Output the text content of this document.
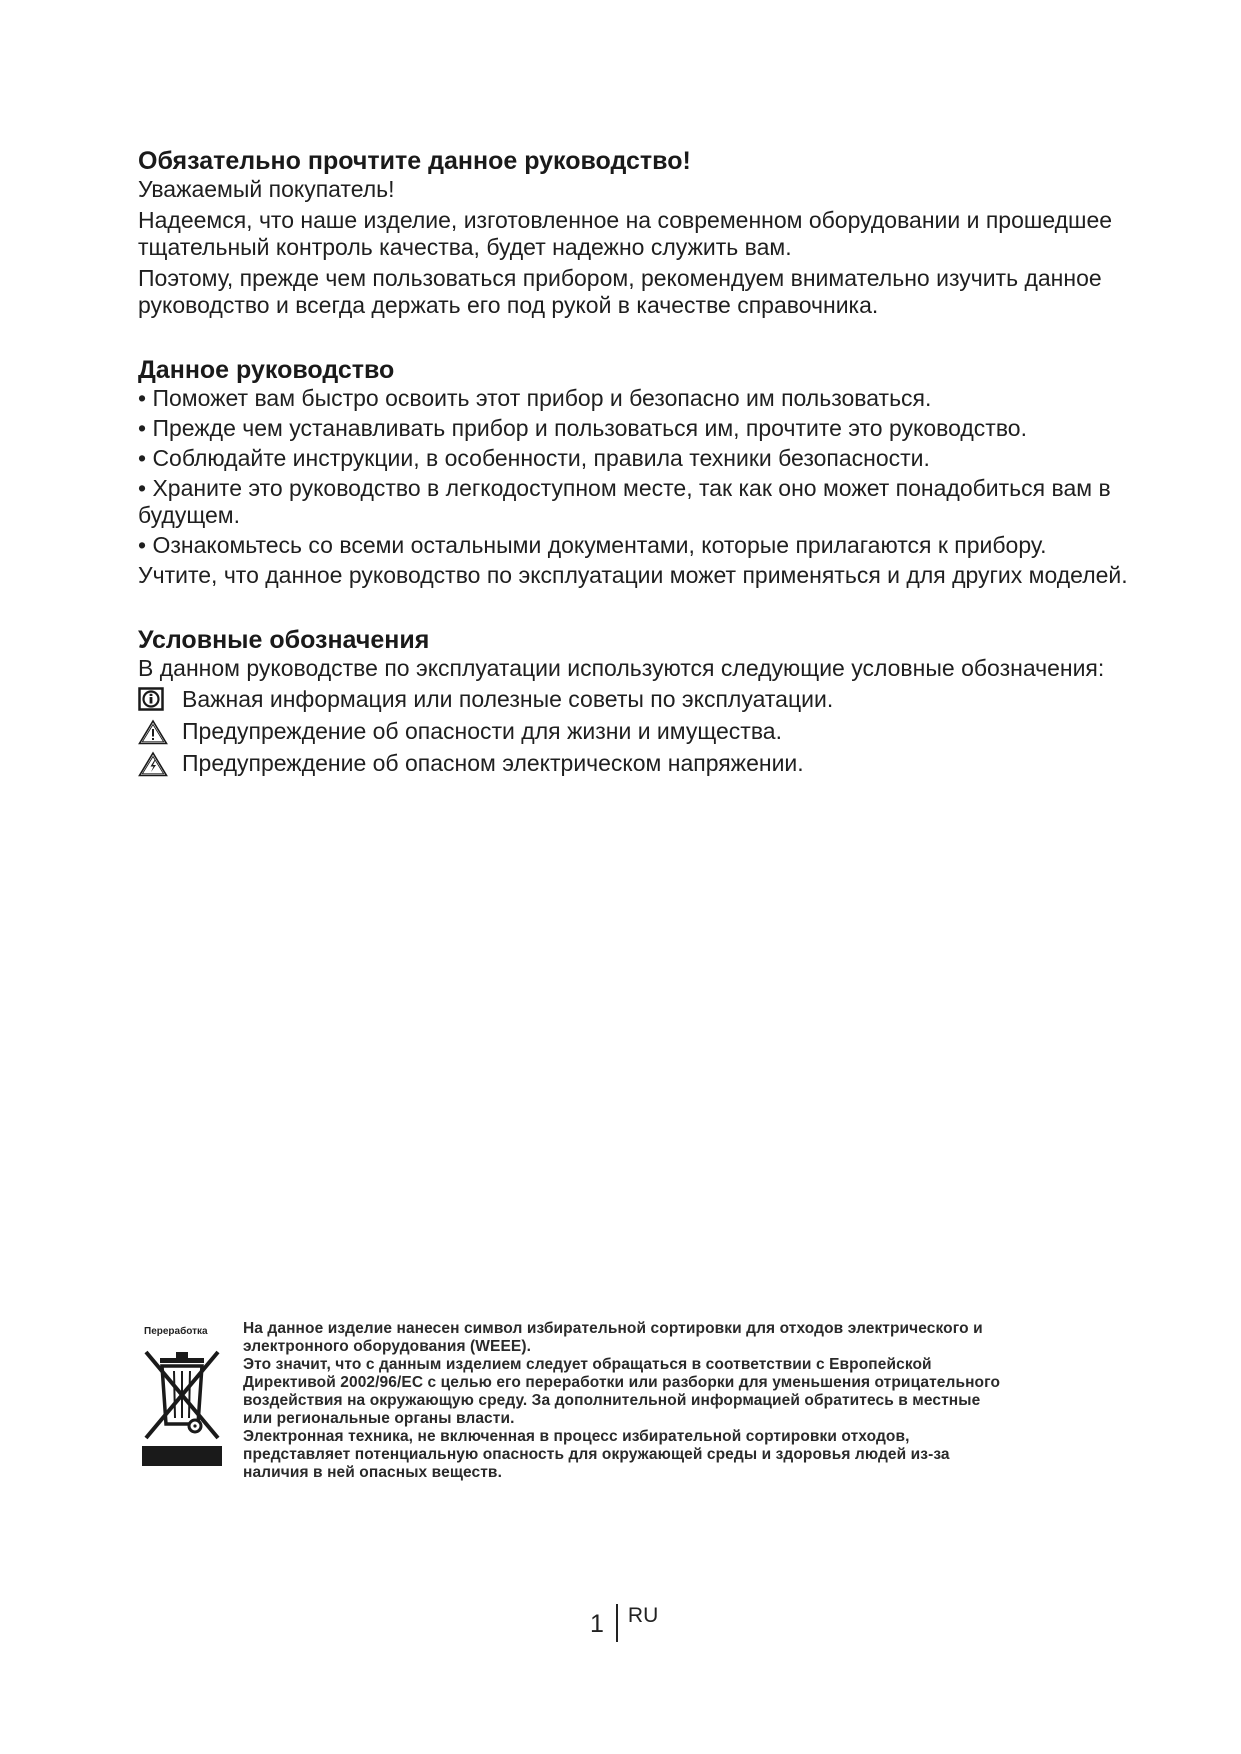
Обязательно прочтите данное руководство!

Уважаемый покупатель!

Надеемся, что наше изделие, изготовленное на современном оборудовании и прошедшее тщательный контроль качества, будет надежно служить вам.

Поэтому, прежде чем пользоваться прибором, рекомендуем внимательно изучить данное руководство и всегда держать его под рукой в качестве справочника.

Данное руководство

• Поможет вам быстро освоить этот прибор и безопасно им пользоваться.

• Прежде чем устанавливать прибор и пользоваться им, прочтите это руководство.

• Соблюдайте инструкции, в особенности, правила техники безопасности.

• Храните это руководство в легкодоступном месте, так как оно может понадобиться вам в будущем.

• Ознакомьтесь со всеми остальными документами, которые прилагаются к прибору.

Учтите, что данное руководство по эксплуатации может применяться и для других моделей.

Условные обозначения

В данном руководстве по эксплуатации используются следующие условные обозначения:

Важная информация или полезные советы по эксплуатации.
Предупреждение об опасности для жизни и имущества.
Предупреждение об опасном электрическом напряжении.
Переработка	На данное изделие нанесен символ избирательной сортировки для отходов электрического и

электронного оборудования (WEEE).

Это значит, что с данным изделием следует обращаться в соответствии с Европейской

Директивой 2002/96/ЕС с целью его переработки или разборки для уменьшения отрицательного

воздействия на окружающую среду. За дополнительной информацией обратитесь в местные

или региональные органы власти.

Электронная техника, не включенная в процесс избирательной сортировки отходов,

представляет потенциальную опасность для окружающей среды и здоровья людей из-за

наличия в ней опасных веществ.

1 RU
